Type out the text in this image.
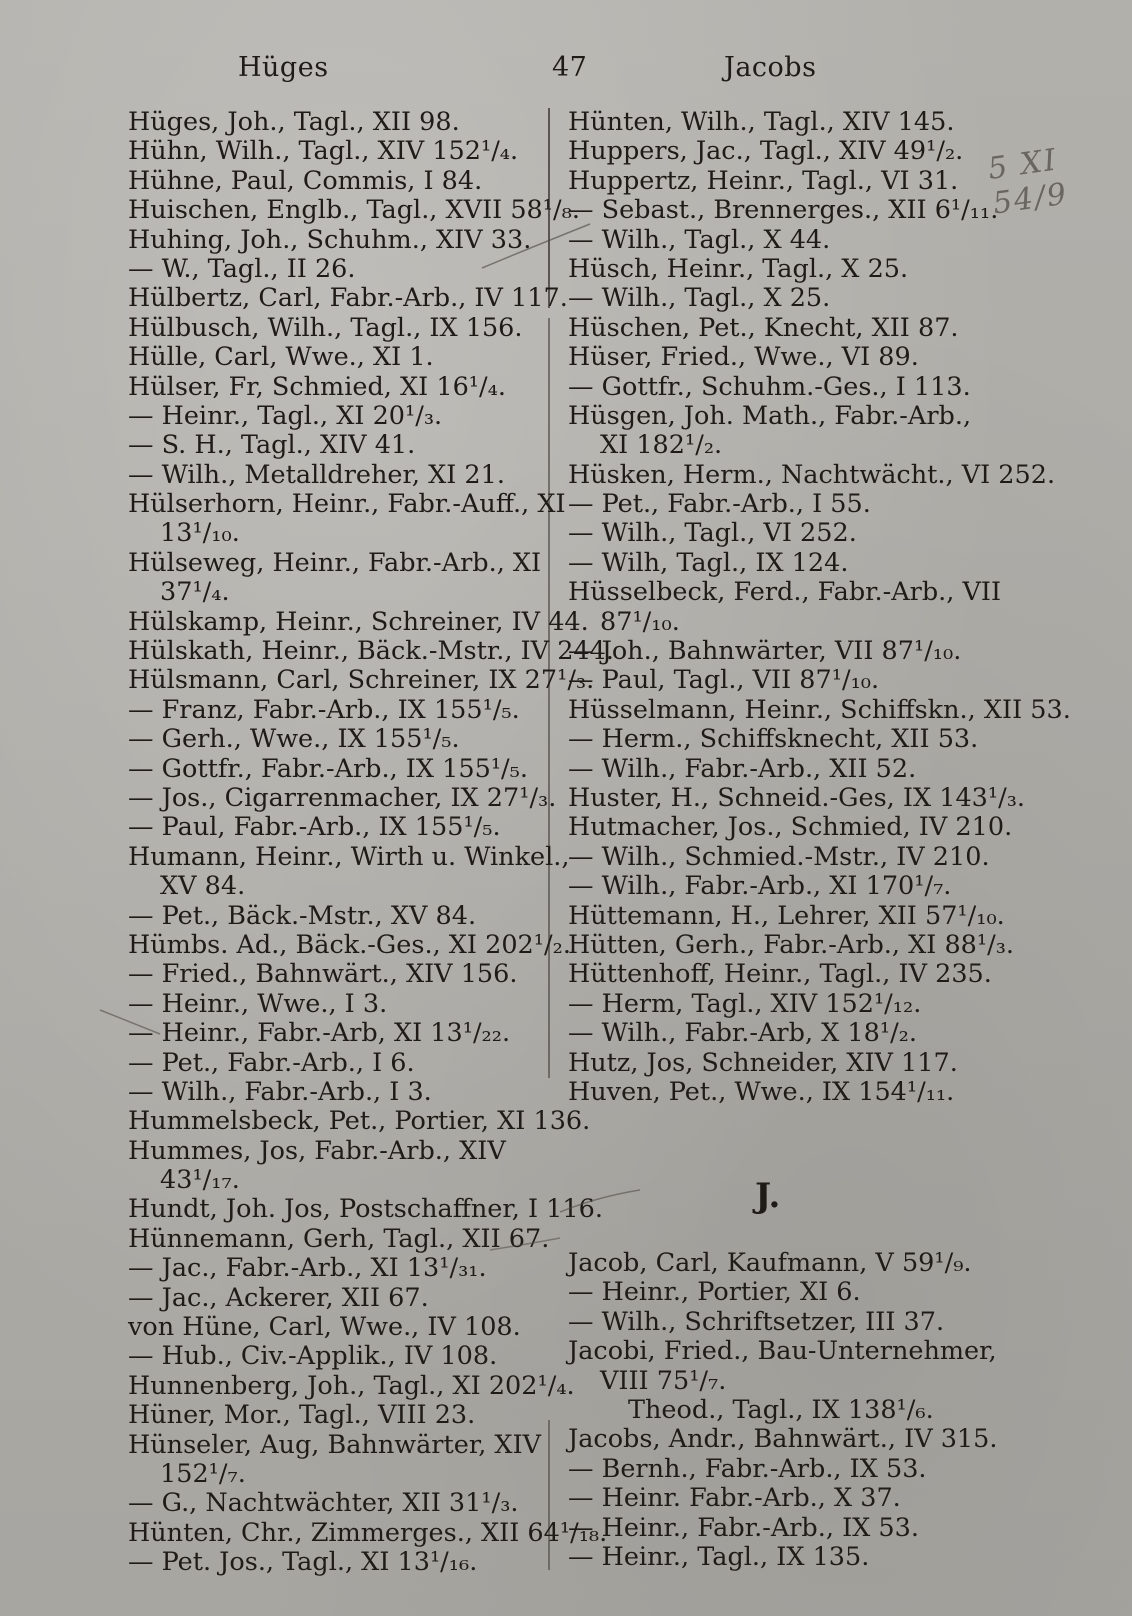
Hüges	47	Jacobs
Hüges, Joh., Tagl., XII 98.
Hühn, Wilh., Tagl., XIV 152¹/₄.
Hühne, Paul, Commis, I 84.
Huischen, Englb., Tagl., XVII 58¹/₈.
Huhing, Joh., Schuhm., XIV 33.
— W., Tagl., II 26.
Hülbertz, Carl, Fabr.-Arb., IV 117.
Hülbusch, Wilh., Tagl., IX 156.
Hülle, Carl, Wwe., XI 1.
Hülser, Fr, Schmied, XI 16¹/₄.
— Heinr., Tagl., XI 20¹/₃.
— S. H., Tagl., XIV 41.
— Wilh., Metalldreher, XI 21.
Hülserhorn, Heinr., Fabr.-Auff., XI
13¹/₁₀.
Hülseweg, Heinr., Fabr.-Arb., XI
37¹/₄.
Hülskamp, Heinr., Schreiner, IV 44.
Hülskath, Heinr., Bäck.-Mstr., IV 244.
Hülsmann, Carl, Schreiner, IX 27¹/₃.
— Franz, Fabr.-Arb., IX 155¹/₅.
— Gerh., Wwe., IX 155¹/₅.
— Gottfr., Fabr.-Arb., IX 155¹/₅.
— Jos., Cigarrenmacher, IX 27¹/₃.
— Paul, Fabr.-Arb., IX 155¹/₅.
Humann, Heinr., Wirth u. Winkel.,
XV 84.
— Pet., Bäck.-Mstr., XV 84.
Hümbs. Ad., Bäck.-Ges., XI 202¹/₂.
— Fried., Bahnwärt., XIV 156.
— Heinr., Wwe., I 3.
— Heinr., Fabr.-Arb, XI 13¹/₂₂.
— Pet., Fabr.-Arb., I 6.
— Wilh., Fabr.-Arb., I 3.
Hummelsbeck, Pet., Portier, XI 136.
Hummes, Jos, Fabr.-Arb., XIV
43¹/₁₇.
Hundt, Joh. Jos, Postschaffner, I 116.
Hünnemann, Gerh, Tagl., XII 67.
— Jac., Fabr.-Arb., XI 13¹/₃₁.
— Jac., Ackerer, XII 67.
von Hüne, Carl, Wwe., IV 108.
— Hub., Civ.-Applik., IV 108.
Hunnenberg, Joh., Tagl., XI 202¹/₄.
Hüner, Mor., Tagl., VIII 23.
Hünseler, Aug, Bahnwärter, XIV
152¹/₇.
— G., Nachtwächter, XII 31¹/₃.
Hünten, Chr., Zimmerges., XII 64¹/₁₈.
— Pet. Jos., Tagl., XI 13¹/₁₆.
Hünten, Wilh., Tagl., XIV 145.
Huppers, Jac., Tagl., XIV 49¹/₂.
Huppertz, Heinr., Tagl., VI 31.
— Sebast., Brennerges., XII 6¹/₁₁.
— Wilh., Tagl., X 44.
Hüsch, Heinr., Tagl., X 25.
— Wilh., Tagl., X 25.
Hüschen, Pet., Knecht, XII 87.
Hüser, Fried., Wwe., VI 89.
— Gottfr., Schuhm.-Ges., I 113.
Hüsgen, Joh. Math., Fabr.-Arb.,
XI 182¹/₂.
Hüsken, Herm., Nachtwächt., VI 252.
— Pet., Fabr.-Arb., I 55.
— Wilh., Tagl., VI 252.
— Wilh, Tagl., IX 124.
Hüsselbeck, Ferd., Fabr.-Arb., VII
87¹/₁₀.
— Joh., Bahnwärter, VII 87¹/₁₀.
— Paul, Tagl., VII 87¹/₁₀.
Hüsselmann, Heinr., Schiffskn., XII 53.
— Herm., Schiffsknecht, XII 53.
— Wilh., Fabr.-Arb., XII 52.
Huster, H., Schneid.-Ges, IX 143¹/₃.
Hutmacher, Jos., Schmied, IV 210.
— Wilh., Schmied.-Mstr., IV 210.
— Wilh., Fabr.-Arb., XI 170¹/₇.
Hüttemann, H., Lehrer, XII 57¹/₁₀.
Hütten, Gerh., Fabr.-Arb., XI 88¹/₃.
Hüttenhoff, Heinr., Tagl., IV 235.
— Herm, Tagl., XIV 152¹/₁₂.
— Wilh., Fabr.-Arb, X 18¹/₂.
Hutz, Jos, Schneider, XIV 117.
Huven, Pet., Wwe., IX 154¹/₁₁.
J.
Jacob, Carl, Kaufmann, V 59¹/₉.
— Heinr., Portier, XI 6.
— Wilh., Schriftsetzer, III 37.
Jacobi, Fried., Bau-Unternehmer,
VIII 75¹/₇.
Theod., Tagl., IX 138¹/₆.
Jacobs, Andr., Bahnwärt., IV 315.
— Bernh., Fabr.-Arb., IX 53.
— Heinr. Fabr.-Arb., X 37.
— Heinr., Fabr.-Arb., IX 53.
— Heinr., Tagl., IX 135.
5 XI 54/9
